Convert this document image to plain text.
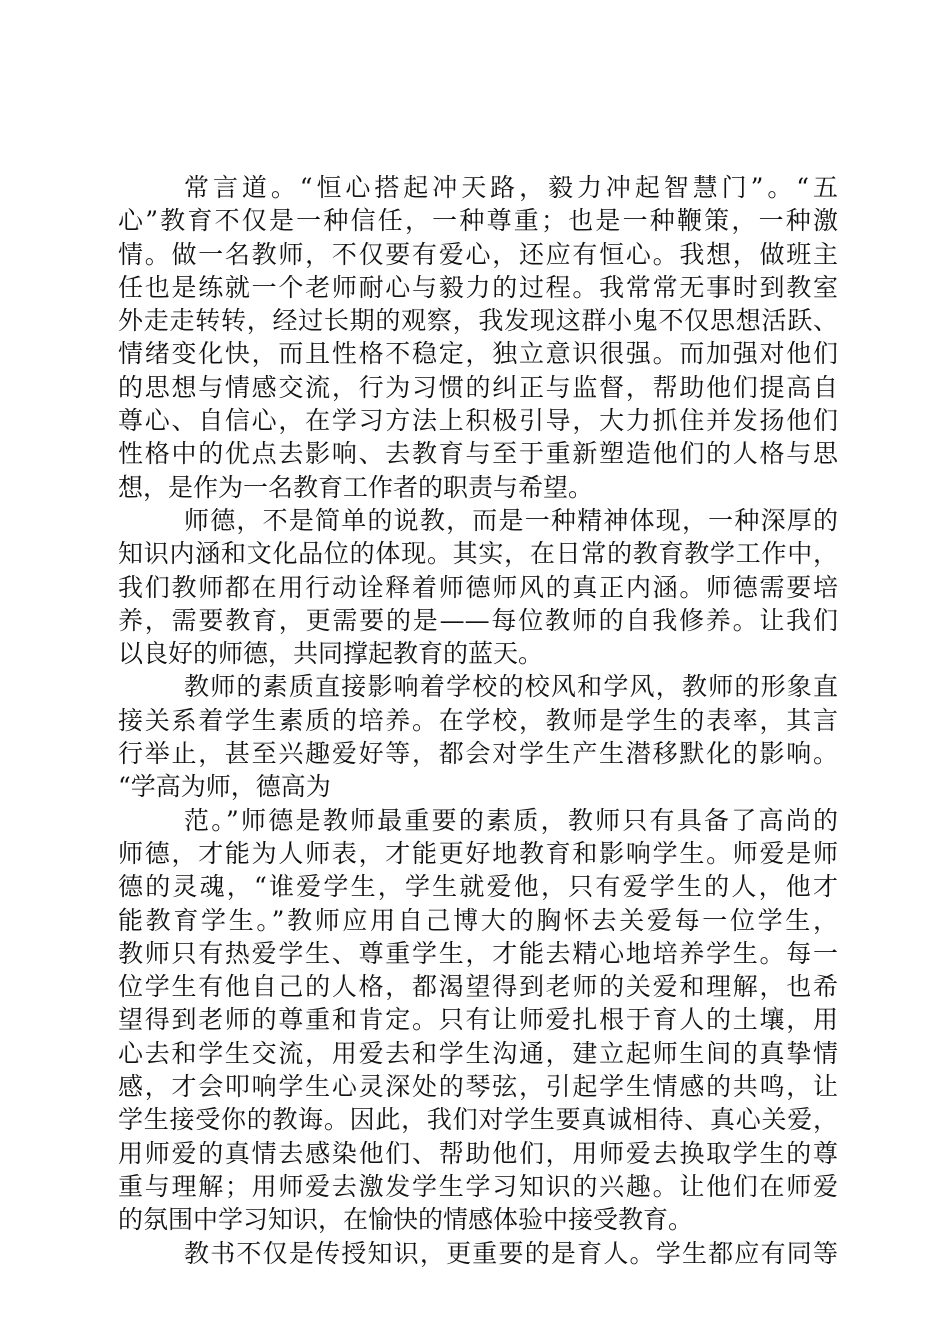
常言道。“恒心搭起冲天路，毅力冲起智慧门”。“五
心”教育不仅是一种信任，一种尊重；也是一种鞭策，一种激
情。做一名教师，不仅要有爱心，还应有恒心。我想，做班主
任也是练就一个老师耐心与毅力的过程。我常常无事时到教室
外走走转转，经过长期的观察，我发现这群小鬼不仅思想活跃、
情绪变化快，而且性格不稳定，独立意识很强。而加强对他们
的思想与情感交流，行为习惯的纠正与监督，帮助他们提高自
尊心、自信心，在学习方法上积极引导，大力抓住并发扬他们
性格中的优点去影响、去教育与至于重新塑造他们的人格与思
想，是作为一名教育工作者的职责与希望。
师德，不是简单的说教，而是一种精神体现，一种深厚的
知识内涵和文化品位的体现。其实，在日常的教育教学工作中，
我们教师都在用行动诠释着师德师风的真正内涵。师德需要培
养，需要教育，更需要的是——每位教师的自我修养。让我们
以良好的师德，共同撑起教育的蓝天。
教师的素质直接影响着学校的校风和学风，教师的形象直
接关系着学生素质的培养。在学校，教师是学生的表率，其言
行举止，甚至兴趣爱好等，都会对学生产生潜移默化的影响。
“学高为师，德高为
范。”师德是教师最重要的素质，教师只有具备了高尚的
师德，才能为人师表，才能更好地教育和影响学生。师爱是师
德的灵魂，“谁爱学生，学生就爱他，只有爱学生的人，他才
能教育学生。”教师应用自己博大的胸怀去关爱每一位学生，
教师只有热爱学生、尊重学生，才能去精心地培养学生。每一
位学生有他自己的人格，都渴望得到老师的关爱和理解，也希
望得到老师的尊重和肯定。只有让师爱扎根于育人的土壤，用
心去和学生交流，用爱去和学生沟通，建立起师生间的真挚情
感，才会叩响学生心灵深处的琴弦，引起学生情感的共鸣，让
学生接受你的教诲。因此，我们对学生要真诚相待、真心关爱，
用师爱的真情去感染他们、帮助他们，用师爱去换取学生的尊
重与理解；用师爱去激发学生学习知识的兴趣。让他们在师爱
的氛围中学习知识，在愉快的情感体验中接受教育。
教书不仅是传授知识，更重要的是育人。学生都应有同等
